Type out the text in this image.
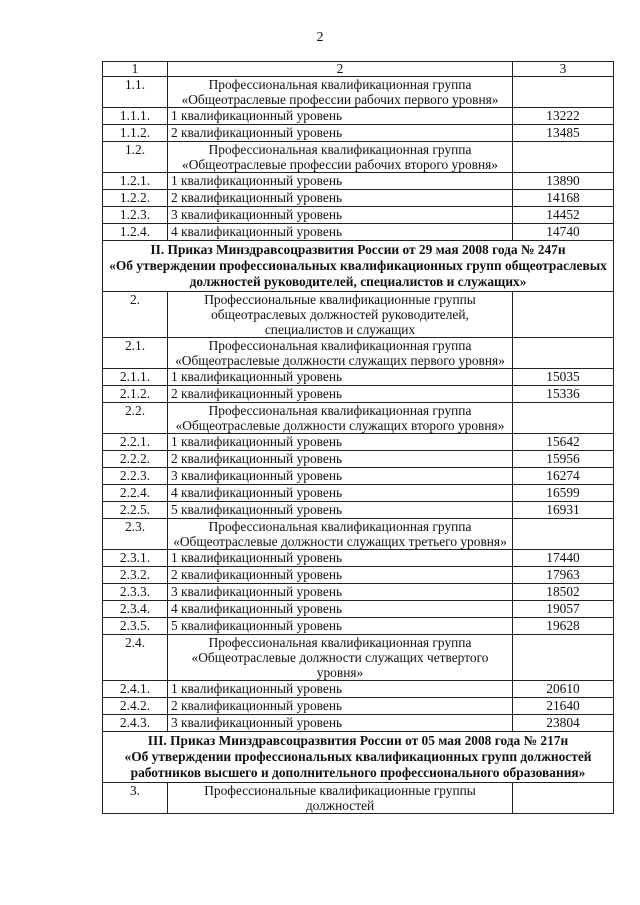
2
1	2	3
1.1.	Профессиональная квалификационная группа «Общеотраслевые профессии рабочих первого уровня»	
1.1.1.	1 квалификационный уровень	13222
1.1.2.	2 квалификационный уровень	13485
1.2.	Профессиональная квалификационная группа «Общеотраслевые профессии рабочих второго уровня»	
1.2.1.	1 квалификационный уровень	13890
1.2.2.	2 квалификационный уровень	14168
1.2.3.	3 квалификационный уровень	14452
1.2.4.	4 квалификационный уровень	14740

II. Приказ Минздравсоцразвития России от 29 мая 2008 года № 247н
«Об утверждении профессиональных квалификационных групп общеотраслевых должностей руководителей, специалистов и служащих»		

2.	Профессиональные квалификационные группы общеотраслевых должностей руководителей, специалистов и служащих	
2.1.	Профессиональная квалификационная группа «Общеотраслевые должности служащих первого уровня»	
2.1.1.	1 квалификационный уровень	15035
2.1.2.	2 квалификационный уровень	15336
2.2.	Профессиональная квалификационная группа «Общеотраслевые должности служащих второго уровня»	
2.2.1.	1 квалификационный уровень	15642
2.2.2.	2 квалификационный уровень	15956
2.2.3.	3 квалификационный уровень	16274
2.2.4.	4 квалификационный уровень	16599
2.2.5.	5 квалификационный уровень	16931
2.3.	Профессиональная квалификационная группа «Общеотраслевые должности служащих третьего уровня»	
2.3.1.	1 квалификационный уровень	17440
2.3.2.	2 квалификационный уровень	17963
2.3.3.	3 квалификационный уровень	18502
2.3.4.	4 квалификационный уровень	19057
2.3.5.	5 квалификационный уровень	19628
2.4.	Профессиональная квалификационная группа «Общеотраслевые должности служащих четвертого уровня»	
2.4.1.	1 квалификационный уровень	20610
2.4.2.	2 квалификационный уровень	21640
2.4.3.	3 квалификационный уровень	23804

III. Приказ Минздравсоцразвития России от 05 мая 2008 года № 217н
«Об утверждении профессиональных квалификационных групп должностей работников высшего и дополнительного профессионального образования»		

3.	Профессиональные квалификационные группы должностей	
